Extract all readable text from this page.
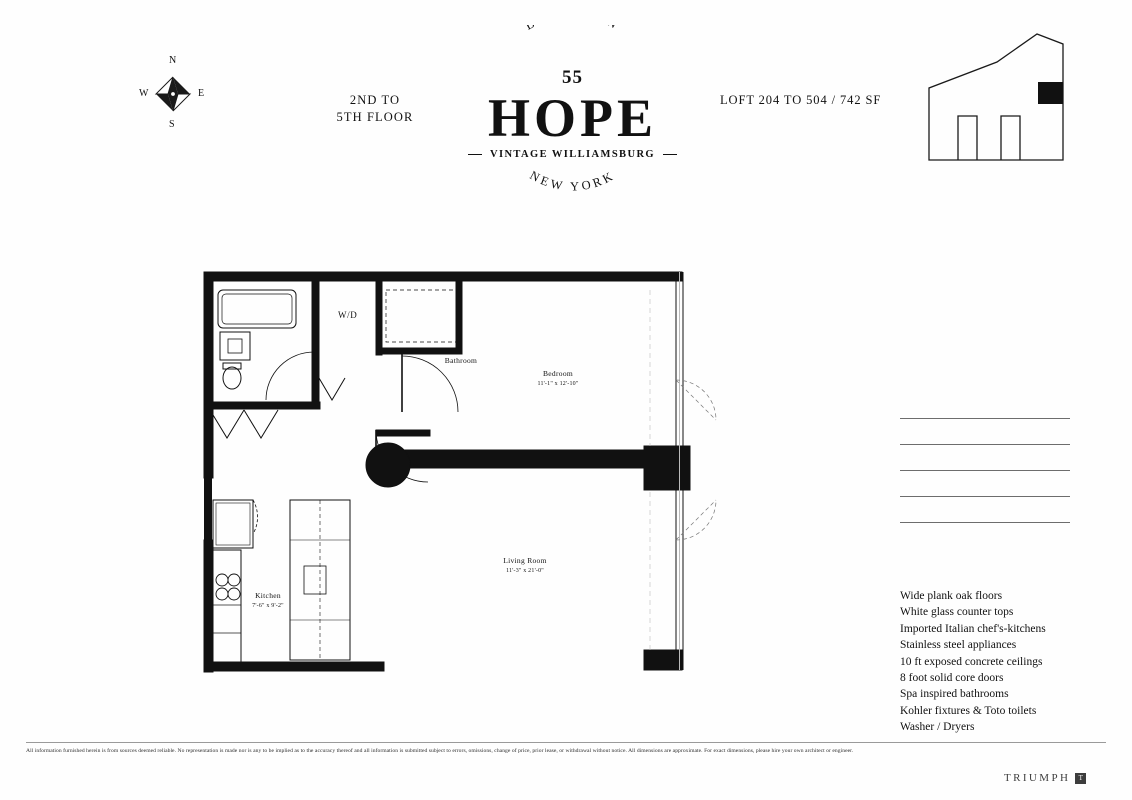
N
E
S
W	2ND TO
5TH FLOOR
55
HOPE
VINTAGE WILLIAMSBURG
NEW YORK
LOFT 204 TO 504 / 742 SF
Bathroom
Bedroom
11'-1" x 12'-10"
Living Room
11'-3" x 21'-0"
Kitchen
7'-6" x 9'-2"
W/D
Wide plank oak floors
White glass counter tops
Imported Italian chef's-kitchens
Stainless steel appliances
10 ft exposed concrete ceilings
8 foot solid core doors
Spa inspired bathrooms
Kohler fixtures & Toto toilets
Washer / Dryers
All information furnished herein is from sources deemed reliable. No representation is made nor is any to be implied as to the accuracy thereof and all information is submitted subject to errors, omissions, change of price, prior lease, or withdrawal without notice. All dimensions are approximate. For exact dimensions, please hire your own architect or engineer.
TRIUMPH	T
